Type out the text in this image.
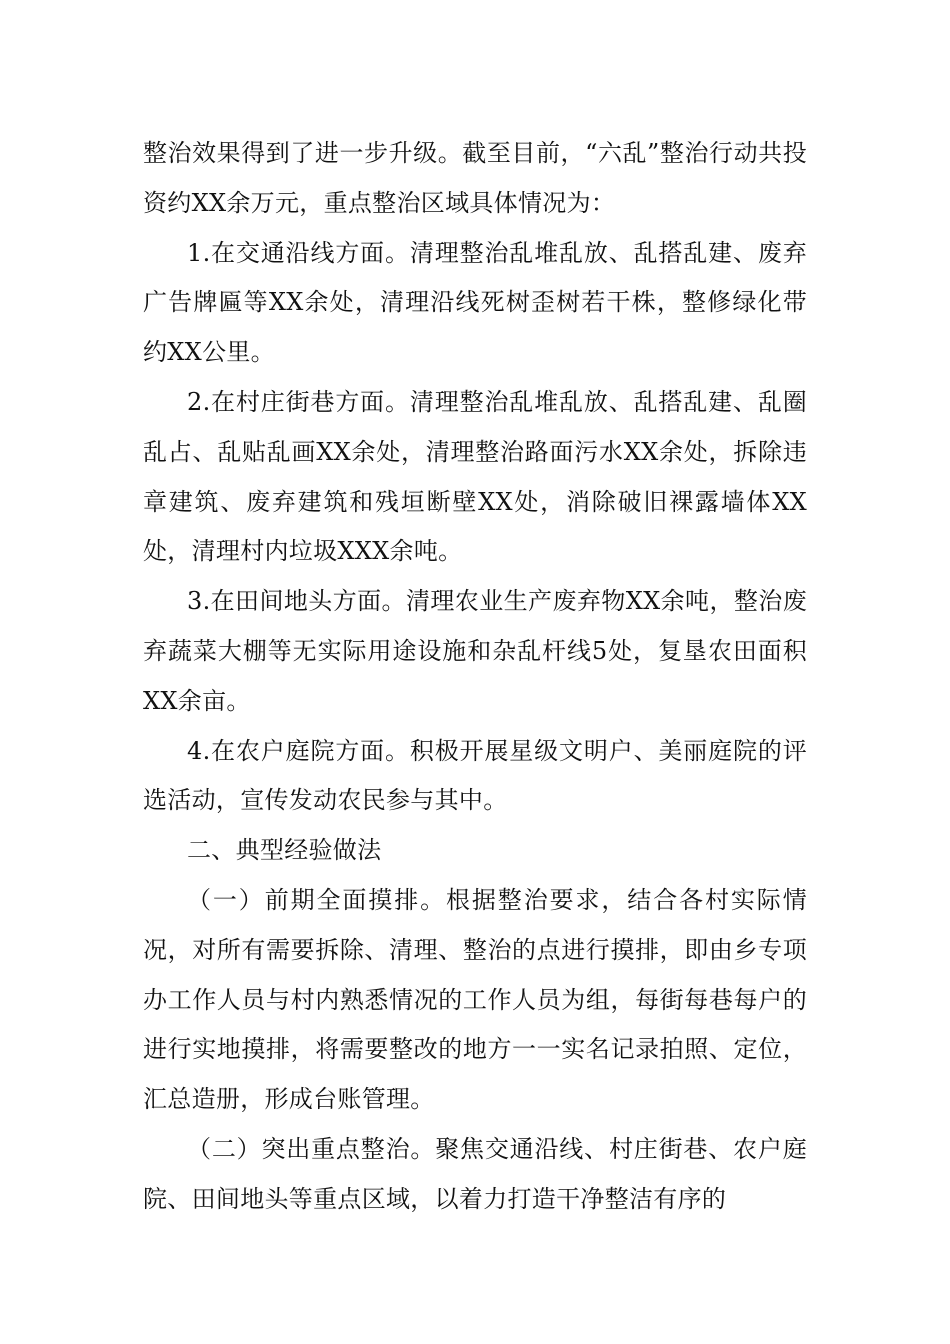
整治效果得到了进一步升级。截至目前，“六乱”整治行动共投资约XX余万元，重点整治区域具体情况为：

1.在交通沿线方面。清理整治乱堆乱放、乱搭乱建、废弃广告牌匾等XX余处，清理沿线死树歪树若干株，整修绿化带约XX公里。

2.在村庄街巷方面。清理整治乱堆乱放、乱搭乱建、乱圈乱占、乱贴乱画XX余处，清理整治路面污水XX余处，拆除违章建筑、废弃建筑和残垣断壁XX处，消除破旧裸露墙体XX处，清理村内垃圾XXX余吨。

3.在田间地头方面。清理农业生产废弃物XX余吨，整治废弃蔬菜大棚等无实际用途设施和杂乱杆线5处，复垦农田面积XX余亩。

4.在农户庭院方面。积极开展星级文明户、美丽庭院的评选活动，宣传发动农民参与其中。

二、典型经验做法

（一）前期全面摸排。根据整治要求，结合各村实际情况，对所有需要拆除、清理、整治的点进行摸排，即由乡专项办工作人员与村内熟悉情况的工作人员为组，每街每巷每户的进行实地摸排，将需要整改的地方一一实名记录拍照、定位，汇总造册，形成台账管理。

（二）突出重点整治。聚焦交通沿线、村庄街巷、农户庭院、田间地头等重点区域，以着力打造干净整洁有序的
